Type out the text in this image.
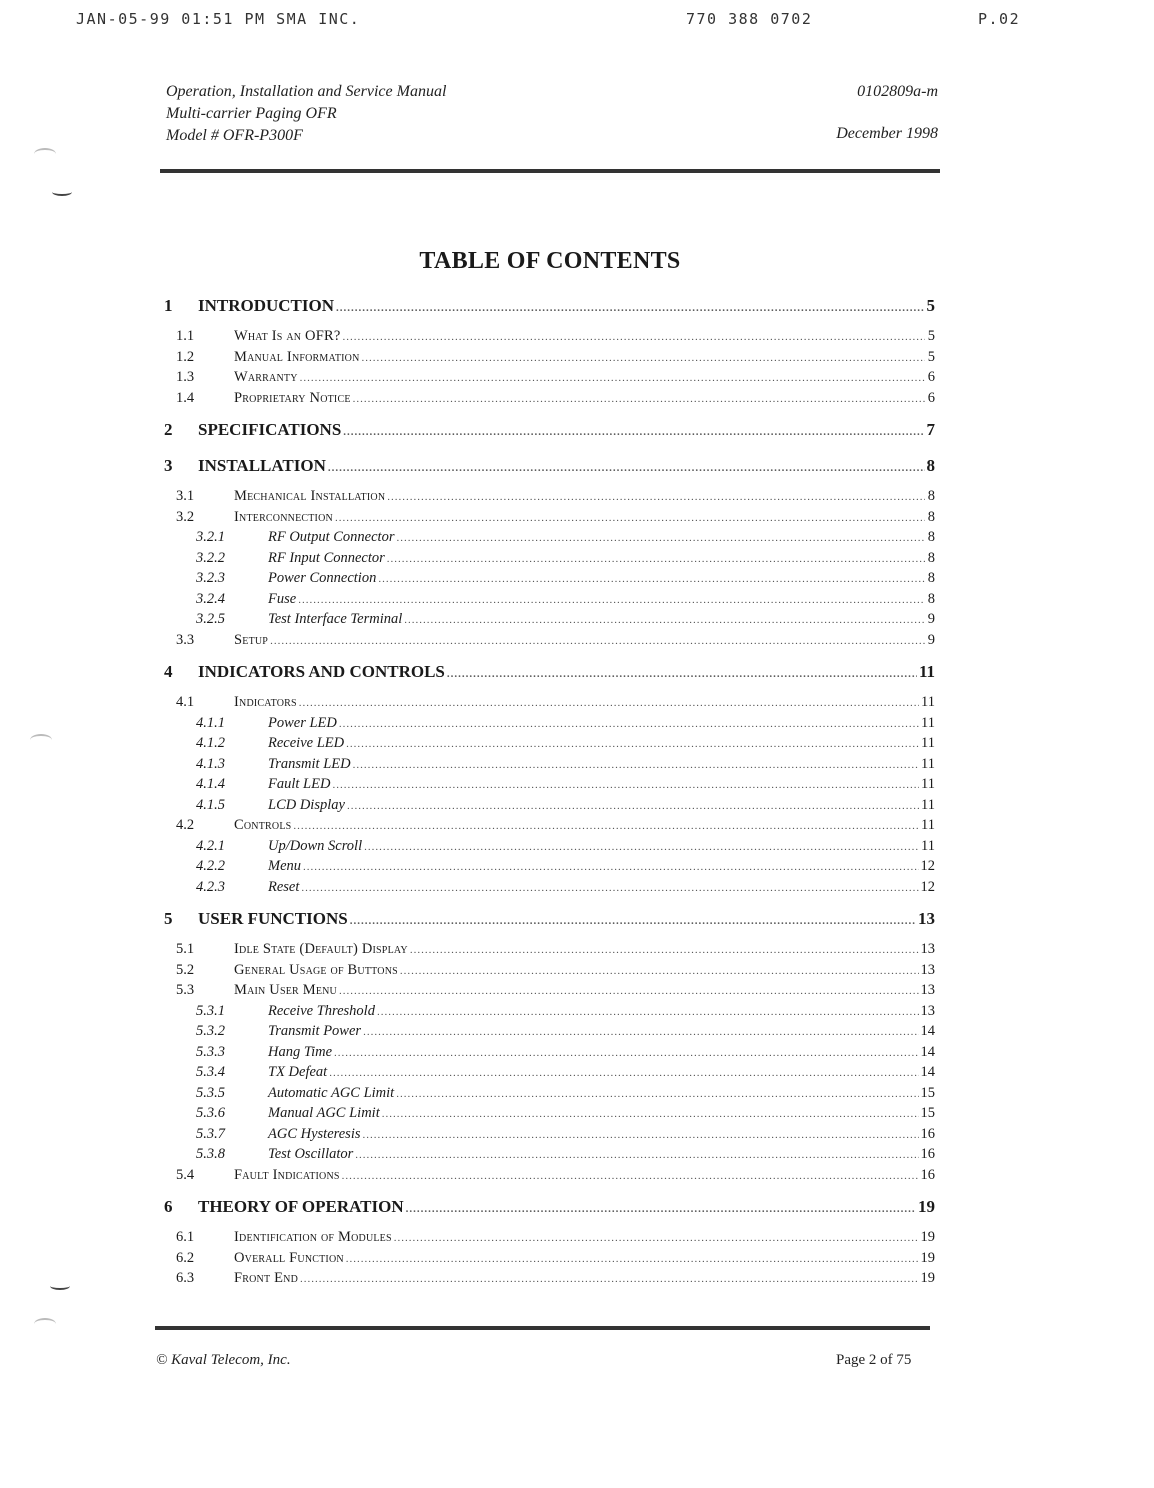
JAN-05-99 01:51 PM SMA INC.	770 388 0702	P.02
Operation, Installation and Service Manual
Multi-carrier Paging OFR
Model # OFR-P300F
0102809a-m
December 1998
TABLE OF CONTENTS
1	INTRODUCTION .....	5
1.1	What Is an OFR? .....	5
1.2	Manual Information .....	5
1.3	Warranty .....	6
1.4	Proprietary Notice .....	6
2	SPECIFICATIONS .....	7
3	INSTALLATION .....	8
3.1	Mechanical Installation .....	8
3.2	Interconnection .....	8
3.2.1	RF Output Connector .....	8
3.2.2	RF Input Connector .....	8
3.2.3	Power Connection .....	8
3.2.4	Fuse .....	8
3.2.5	Test Interface Terminal .....	9
3.3	Setup .....	9
4	INDICATORS AND CONTROLS .....	11
4.1	Indicators .....	11
4.1.1	Power LED .....	11
4.1.2	Receive LED .....	11
4.1.3	Transmit LED .....	11
4.1.4	Fault LED .....	11
4.1.5	LCD Display .....	11
4.2	Controls .....	11
4.2.1	Up/Down Scroll .....	11
4.2.2	Menu .....	12
4.2.3	Reset .....	12
5	USER FUNCTIONS .....	13
5.1	Idle State (Default) Display .....	13
5.2	General Usage of Buttons .....	13
5.3	Main User Menu .....	13
5.3.1	Receive Threshold .....	13
5.3.2	Transmit Power .....	14
5.3.3	Hang Time .....	14
5.3.4	TX Defeat .....	14
5.3.5	Automatic AGC Limit .....	15
5.3.6	Manual AGC Limit .....	15
5.3.7	AGC Hysteresis .....	16
5.3.8	Test Oscillator .....	16
5.4	Fault Indications .....	16
6	THEORY OF OPERATION .....	19
6.1	Identification of Modules .....	19
6.2	Overall Function .....	19
6.3	Front End .....	19
© Kaval Telecom, Inc.	Page 2 of 75
